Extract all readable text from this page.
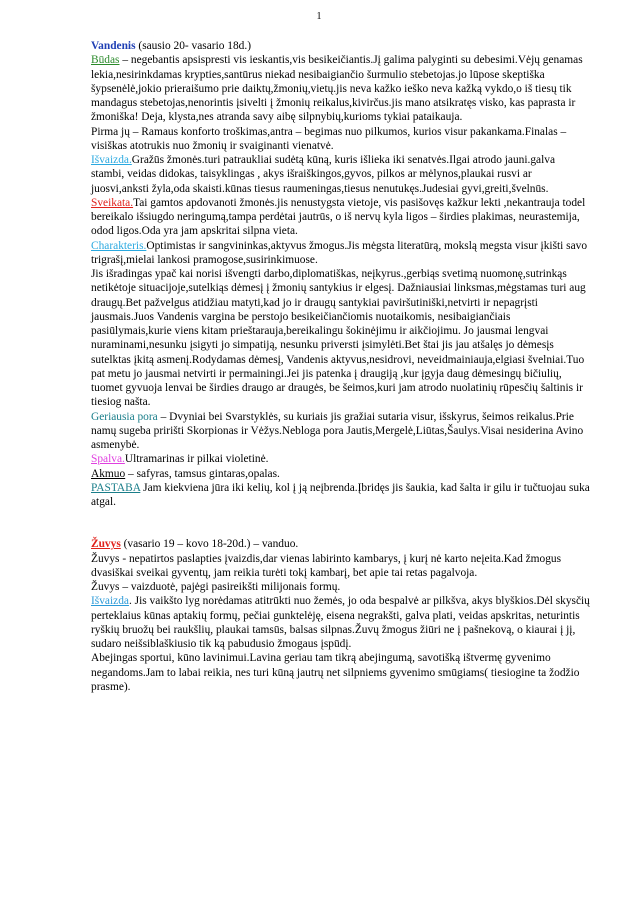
1

Vandenis (sausio 20- vasario 18d.)

Būdas – negebantis apsispresti vis ieskantis,vis besikeičiantis.Jį galima palyginti su debesimi.Vėjų genamas lekia,nesirinkdamas krypties,santūrus niekad nesibaigiančio šurmulio stebetojas.jo lūpose skeptiška šypsenėlė,jokio prieraišumo prie daiktų,žmonių,vietų.jis neva kažko ieško neva kažką vykdo,o iš tiesų tik mandagus stebetojas,nenorintis įsivelti į žmonių reikalus,kivirčus.jis mano atsikratęs visko, kas paprasta ir žmoniška! Deja, klysta,nes atranda savy aibę silpnybių,kurioms tykiai pataikauja.

Pirma jų – Ramaus konforto troškimas,antra – begimas nuo pilkumos, kurios visur pakankama.Finalas – visiškas atotrukis nuo žmonių ir svaiginanti vienatvė.

Išvaizda.Gražūs žmonės.turi patraukliai sudėtą kūną, kuris išlieka iki senatvės.Ilgai atrodo jauni.galva stambi, veidas didokas, taisyklingas , akys išraiškingos,gyvos, pilkos ar mėlynos,plaukai rusvi ar juosvi,anksti žyla,oda skaisti.kūnas tiesus raumeningas,tiesus nenutukęs.Judesiai gyvi,greiti,švelnūs.

Sveikata.Tai gamtos apdovanoti žmonės.jis nenustygsta vietoje, vis pasišovęs kažkur lekti ,nekantrauja todel bereikalo išsiugdo neringumą,tampa perdėtai jautrūs, o iš nervų kyla ligos – širdies plakimas, neurastemija, odod ligos.Oda yra jam apskritai silpna vieta.

Charakteris.Optimistas ir sangvininkas,aktyvus žmogus.Jis mėgsta literatūrą, mokslą megsta visur įkišti savo trigrašį,mielai lankosi pramogose,susirinkimuose.

Jis išradingas ypač kai norisi išvengti darbo,diplomatiškas, neįkyrus.,gerbiąs svetimą nuomonę,sutrinkąs netikėtoje situacijoje,sutelkiąs dėmesį į žmonių santykius ir elgesį. Dažniausiai linksmas,mėgstamas turi aug draugų.Bet pažvelgus atidžiau matyti,kad jo ir draugų santykiai paviršutiniški,netvirti ir nepagrįsti jausmais.Juos Vandenis vargina be perstojo besikeičiančiomis nuotaikomis, nesibaigiančiais pasiūlymais,kurie viens kitam prieštarauja,bereikalingu šokinėjimu ir aikčiojimu. Jo jausmai lengvai nuraminami,nesunku įsigyti jo simpatiją, nesunku priversti įsimylėti.Bet štai jis jau atšalęs jo dėmesįs sutelktas įkitą asmenį.Rodydamas dėmesį, Vandenis aktyvus,nesidrovi, neveidmainiauja,elgiasi švelniai.Tuo pat metu jo jausmai netvirti ir permainingi.Jei jis patenka į draugiją ,kur įgyja daug dėmesingų bičiulių, tuomet gyvuoja lenvai be širdies draugo ar draugės, be šeimos,kuri jam atrodo nuolatinių rūpesčių šaltinis ir tiesiog našta.

Geriausia pora – Dvyniai bei Svarstyklės, su kuriais jis gražiai sutaria visur, išskyrus, šeimos reikalus.Prie namų sugeba pririšti Skorpionas ir Vėžys.Nebloga pora Jautis,Mergelė,Liūtas,Šaulys.Visai nesiderina Avino asmenybė.

Spalva.Ultramarinas ir pilkai violetinė.

Akmuo – safyras, tamsus gintaras,opalas.

PASTABA Jam kiekviena jūra iki kelių, kol į ją neįbrenda.Įbridęs jis šaukia, kad šalta ir gilu ir tučtuojau suka atgal.

Žuvys (vasario 19 – kovo 18-20d.) – vanduo.

Žuvys - nepatirtos paslapties įvaizdis,dar vienas labirinto kambarys, į kurį nė karto neįeita.Kad žmogus dvasiškai sveikai gyventų, jam reikia turėti tokį kambarį, bet apie tai retas pagalvoja.

Žuvys – vaizduotė, pajėgi pasireikšti milijonais formų.

Išvaizda. Jis vaikšto lyg norėdamas atitrūkti nuo žemės, jo oda bespalvė ar pilkšva, akys blyškios.Dėl skysčių perteklaius kūnas aptakių formų, pečiai gunktelėję, eisena negrakšti, galva plati, veidas apskritas, neturintis ryškių bruožų bei raukšlių, plaukai tamsūs, balsas silpnas.Žuvų žmogus žiūri ne į pašnekovą, o kiaurai į jį, sudaro neišsiblaškiusio tik ką pabudusio žmogaus įspūdį.

Abejingas sportui, kūno lavinimui.Lavina geriau tam tikrą abejingumą, savotišką ištvermę gyvenimo negandoms.Jam to labai reikia, nes turi kūną jautrų net silpniems gyvenimo smūgiams( tiesiogine ta žodžio prasme).
